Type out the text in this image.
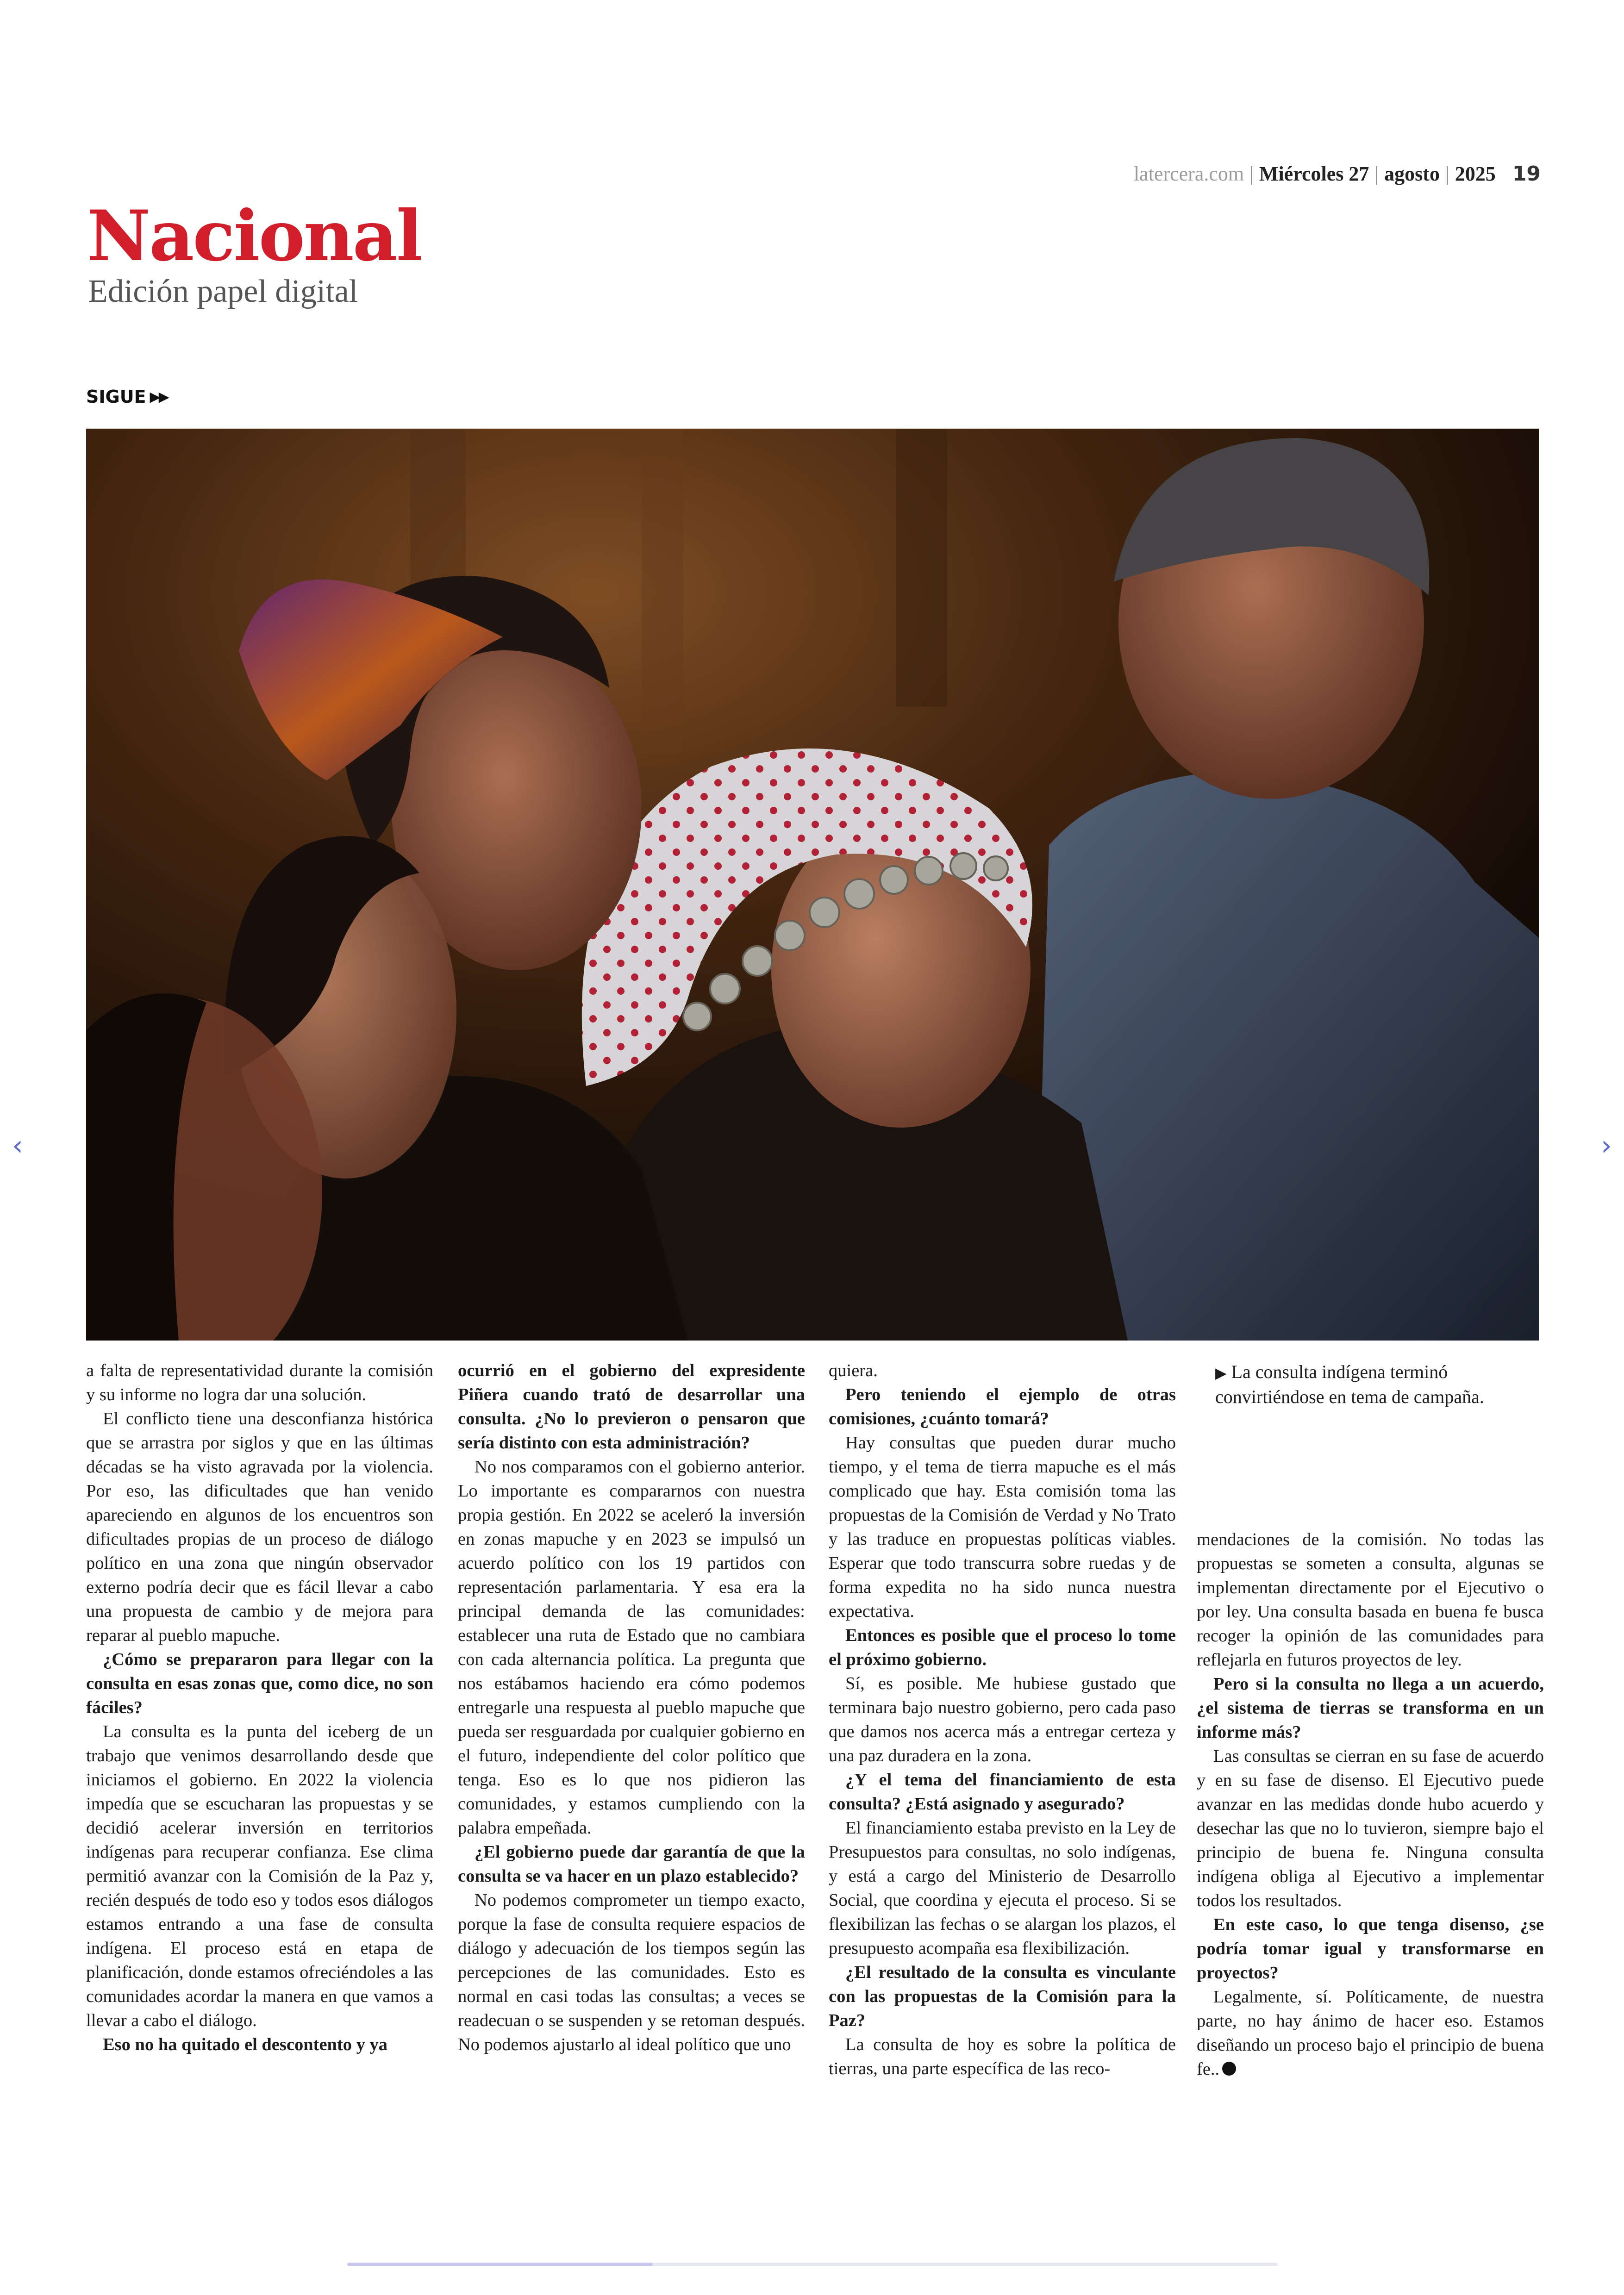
latercera.com | Miércoles 27 | agosto | 2025 19
Nacional
Edición papel digital
SIGUE ▶▶
‹	›

a falta de representatividad durante la comisión y su informe no logra dar una solución.

El conflicto tiene una desconfianza histórica que se arrastra por siglos y que en las últimas décadas se ha visto agravada por la violencia. Por eso, las dificultades que han venido apareciendo en algunos de los encuentros son dificultades propias de un proceso de diálogo político en una zona que ningún observador externo podría decir que es fácil llevar a cabo una propuesta de cambio y de mejora para reparar al pueblo mapuche.

¿Cómo se prepararon para llegar con la consulta en esas zonas que, como dice, no son fáciles?

La consulta es la punta del iceberg de un trabajo que venimos desarrollando desde que iniciamos el gobierno. En 2022 la violencia impedía que se escucharan las propuestas y se decidió acelerar inversión en territorios indígenas para recuperar confianza. Ese clima permitió avanzar con la Comisión de la Paz y, recién después de todo eso y todos esos diálogos estamos entrando a una fase de consulta indígena. El proceso está en etapa de planificación, donde estamos ofreciéndoles a las comunidades acordar la manera en que vamos a llevar a cabo el diálogo.

Eso no ha quitado el descontento y ya

ocurrió en el gobierno del expresidente Piñera cuando trató de desarrollar una consulta. ¿No lo previeron o pensaron que sería distinto con esta administración?

No nos comparamos con el gobierno anterior. Lo importante es compararnos con nuestra propia gestión. En 2022 se aceleró la inversión en zonas mapuche y en 2023 se impulsó un acuerdo político con los 19 partidos con representación parlamentaria. Y esa era la principal demanda de las comunidades: establecer una ruta de Estado que no cambiara con cada alternancia política. La pregunta que nos estábamos haciendo era cómo podemos entregarle una respuesta al pueblo mapuche que pueda ser resguardada por cualquier gobierno en el futuro, independiente del color político que tenga. Eso es lo que nos pidieron las comunidades, y estamos cumpliendo con la palabra empeñada.

¿El gobierno puede dar garantía de que la consulta se va hacer en un plazo establecido?

No podemos comprometer un tiempo exacto, porque la fase de consulta requiere espacios de diálogo y adecuación de los tiempos según las percepciones de las comunidades. Esto es normal en casi todas las consultas; a veces se readecuan o se suspenden y se retoman después. No podemos ajustarlo al ideal político que uno

quiera.

Pero teniendo el ejemplo de otras comisiones, ¿cuánto tomará?

Hay consultas que pueden durar mucho tiempo, y el tema de tierra mapuche es el más complicado que hay. Esta comisión toma las propuestas de la Comisión de Verdad y No Trato y las traduce en propuestas políticas viables. Esperar que todo transcurra sobre ruedas y de forma expedita no ha sido nunca nuestra expectativa.

Entonces es posible que el proceso lo tome el próximo gobierno.

Sí, es posible. Me hubiese gustado que terminara bajo nuestro gobierno, pero cada paso que damos nos acerca más a entregar certeza y una paz duradera en la zona.

¿Y el tema del financiamiento de esta consulta? ¿Está asignado y asegurado?

El financiamiento estaba previsto en la Ley de Presupuestos para consultas, no solo indígenas, y está a cargo del Ministerio de Desarrollo Social, que coordina y ejecuta el proceso. Si se flexibilizan las fechas o se alargan los plazos, el presupuesto acompaña esa flexibilización.

¿El resultado de la consulta es vinculante con las propuestas de la Comisión para la Paz?

La consulta de hoy es sobre la política de tierras, una parte específica de las reco-

mendaciones de la comisión. No todas las propuestas se someten a consulta, algunas se implementan directamente por el Ejecutivo o por ley. Una consulta basada en buena fe busca recoger la opinión de las comunidades para reflejarla en futuros proyectos de ley.

Pero si la consulta no llega a un acuerdo, ¿el sistema de tierras se transforma en un informe más?

Las consultas se cierran en su fase de acuerdo y en su fase de disenso. El Ejecutivo puede avanzar en las medidas donde hubo acuerdo y desechar las que no lo tuvieron, siempre bajo el principio de buena fe. Ninguna consulta indígena obliga al Ejecutivo a implementar todos los resultados.

En este caso, lo que tenga disenso, ¿se podría tomar igual y transformarse en proyectos?

Legalmente, sí. Políticamente, de nuestra parte, no hay ánimo de hacer eso. Estamos diseñando un proceso bajo el principio de buena fe..

▶ La consulta indígena terminó convirtiéndose en tema de campaña.
